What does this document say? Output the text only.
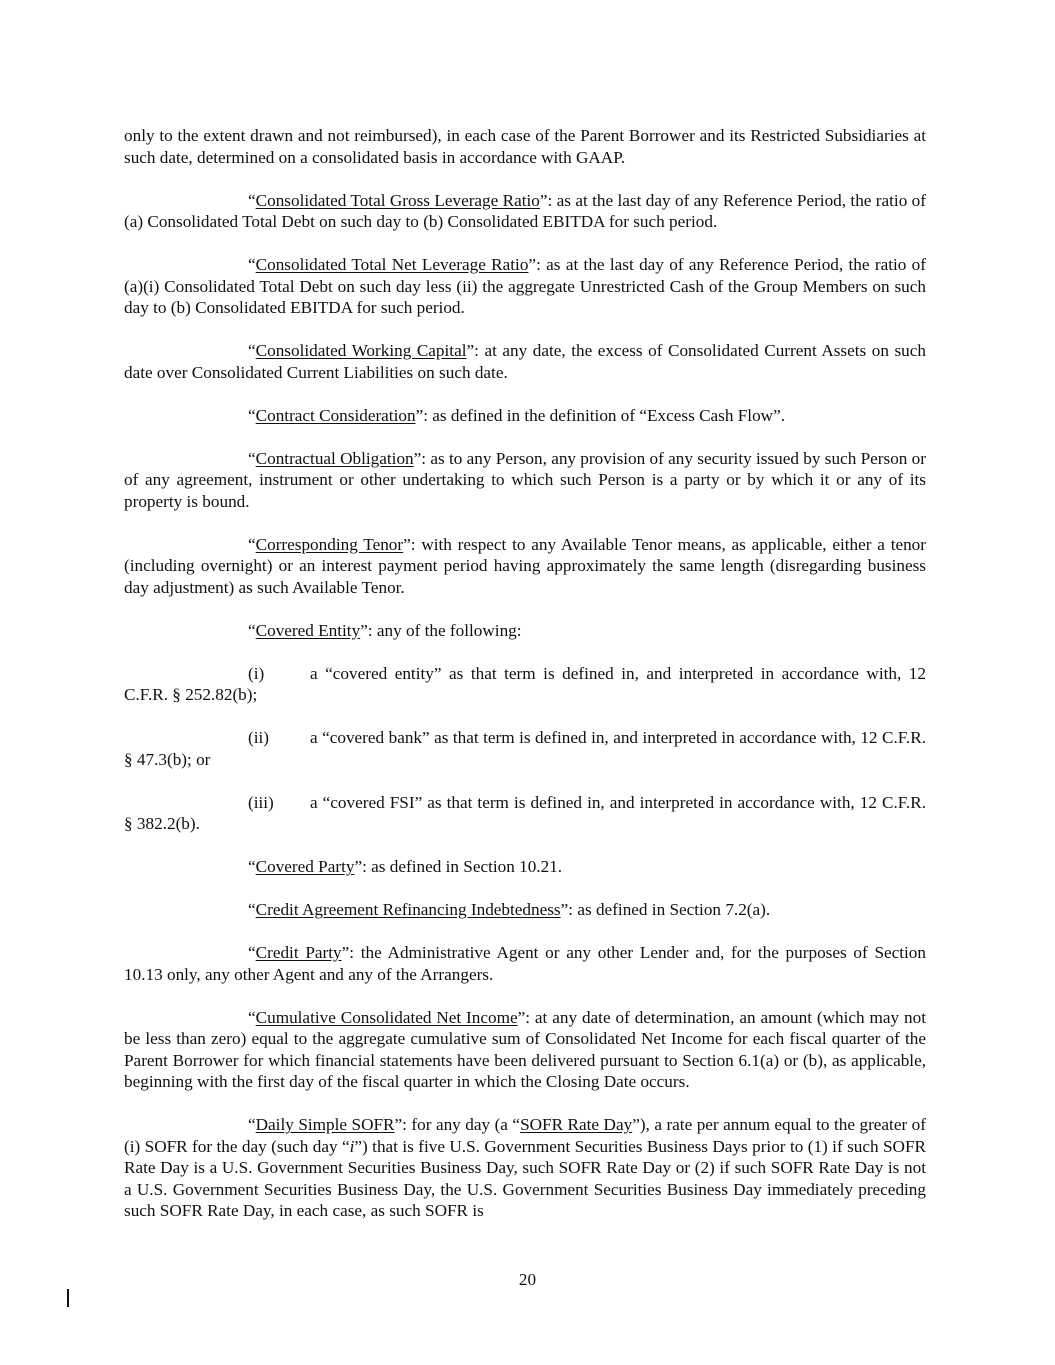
only to the extent drawn and not reimbursed), in each case of the Parent Borrower and its Restricted Subsidiaries at such date, determined on a consolidated basis in accordance with GAAP.

“Consolidated Total Gross Leverage Ratio”: as at the last day of any Reference Period, the ratio of (a) Consolidated Total Debt on such day to (b) Consolidated EBITDA for such period.

“Consolidated Total Net Leverage Ratio”: as at the last day of any Reference Period, the ratio of (a)(i) Consolidated Total Debt on such day less (ii) the aggregate Unrestricted Cash of the Group Members on such day to (b) Consolidated EBITDA for such period.

“Consolidated Working Capital”: at any date, the excess of Consolidated Current Assets on such date over Consolidated Current Liabilities on such date.

“Contract Consideration”: as defined in the definition of “Excess Cash Flow”.

“Contractual Obligation”: as to any Person, any provision of any security issued by such Person or of any agreement, instrument or other undertaking to which such Person is a party or by which it or any of its property is bound.

“Corresponding Tenor”: with respect to any Available Tenor means, as applicable, either a tenor (including overnight) or an interest payment period having approximately the same length (disregarding business day adjustment) as such Available Tenor.

“Covered Entity”: any of the following:

(i)	a “covered entity” as that term is defined in, and interpreted in accordance with, 12 C.F.R. § 252.82(b);

(ii) a “covered bank” as that term is defined in, and interpreted in accordance with, 12 C.F.R. § 47.3(b); or

(iii) a “covered FSI” as that term is defined in, and interpreted in accordance with, 12 C.F.R. § 382.2(b).

“Covered Party”: as defined in Section 10.21.

“Credit Agreement Refinancing Indebtedness”: as defined in Section 7.2(a).

“Credit Party”: the Administrative Agent or any other Lender and, for the purposes of Section 10.13 only, any other Agent and any of the Arrangers.

“Cumulative Consolidated Net Income”: at any date of determination, an amount (which may not be less than zero) equal to the aggregate cumulative sum of Consolidated Net Income for each fiscal quarter of the Parent Borrower for which financial statements have been delivered pursuant to Section 6.1(a) or (b), as applicable, beginning with the first day of the fiscal quarter in which the Closing Date occurs.

“Daily Simple SOFR”: for any day (a “SOFR Rate Day”), a rate per annum equal to the greater of (i) SOFR for the day (such day “i”) that is five U.S. Government Securities Business Days prior to (1) if such SOFR Rate Day is a U.S. Government Securities Business Day, such SOFR Rate Day or (2) if such SOFR Rate Day is not a U.S. Government Securities Business Day, the U.S. Government Securities Business Day immediately preceding such SOFR Rate Day, in each case, as such SOFR is

20
